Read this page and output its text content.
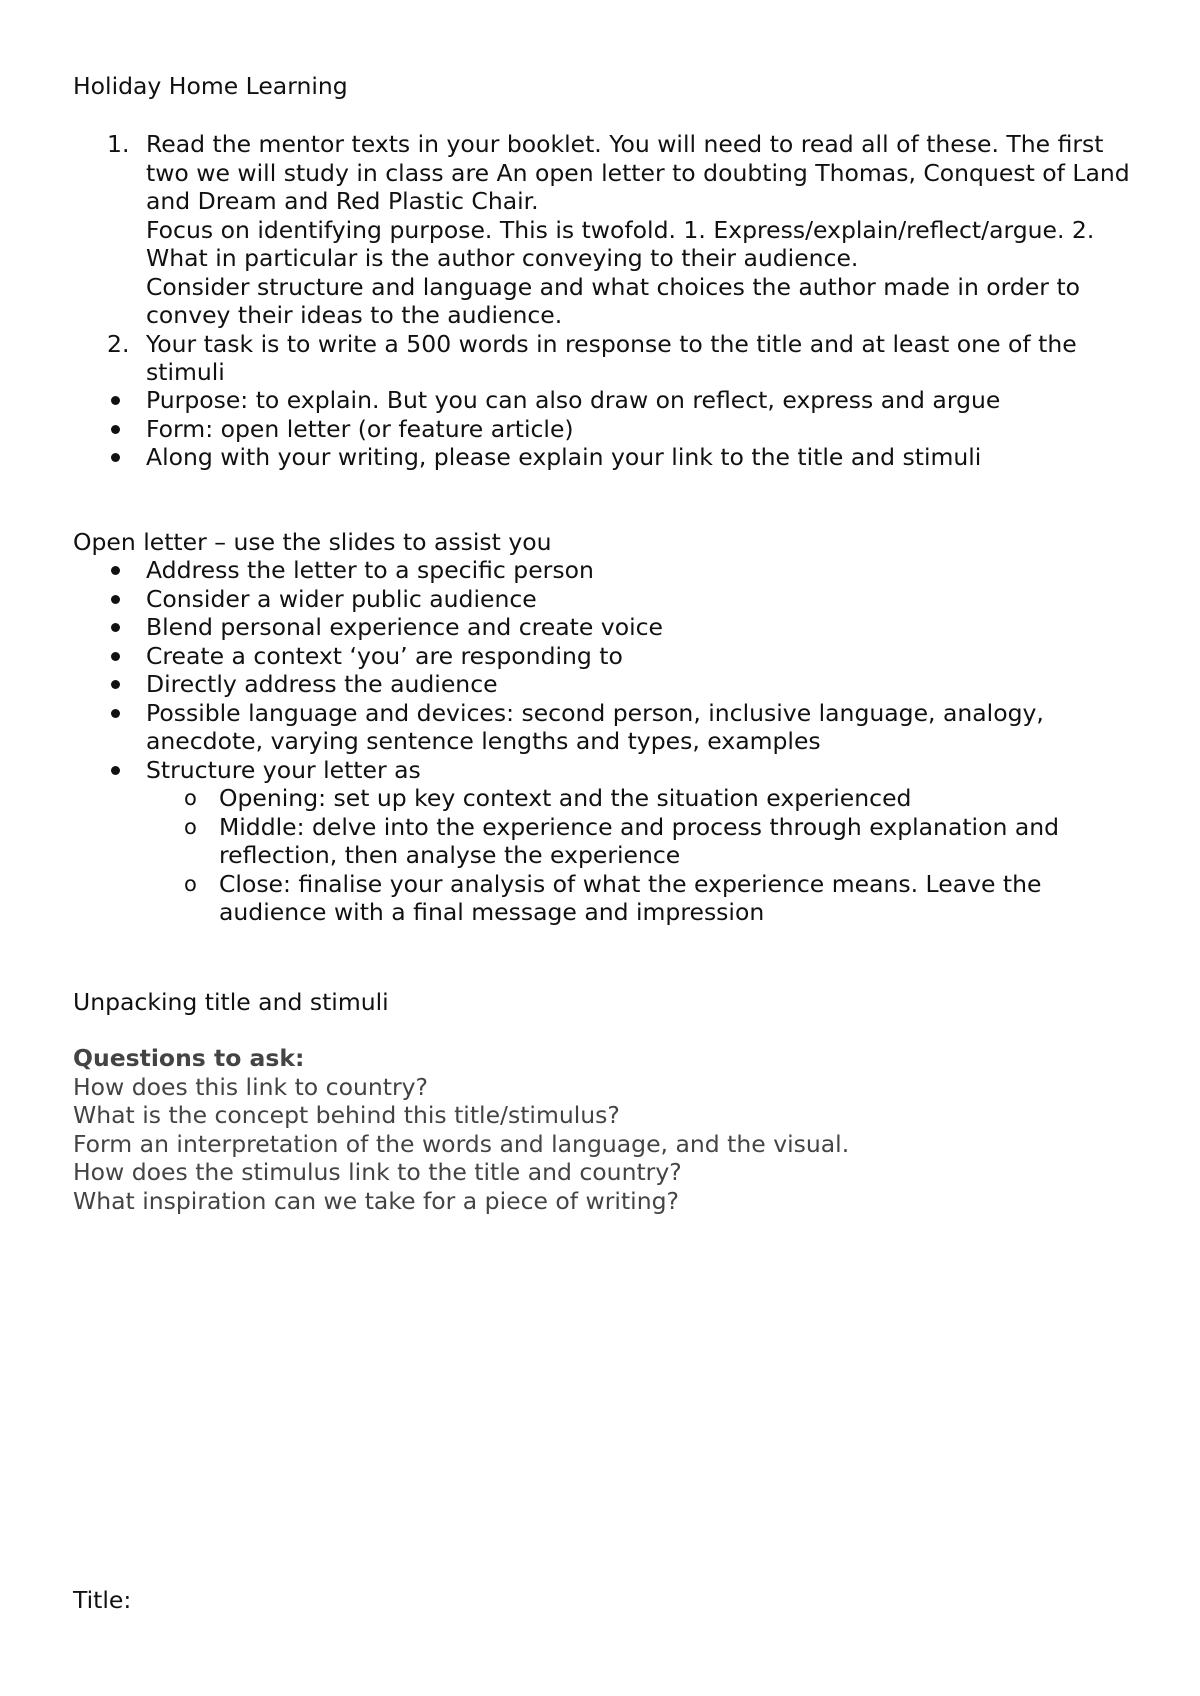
Holiday Home Learning

1. Read the mentor texts in your booklet. You will need to read all of these. The first two we will study in class are An open letter to doubting Thomas, Conquest of Land and Dream and Red Plastic Chair.

Focus on identifying purpose. This is twofold. 1. Express/explain/reflect/argue. 2. What in particular is the author conveying to their audience.

Consider structure and language and what choices the author made in order to convey their ideas to the audience.

2. Your task is to write a 500 words in response to the title and at least one of the stimuli

Purpose: to explain. But you can also draw on reflect, express and argue
Form: open letter (or feature article)
Along with your writing, please explain your link to the title and stimuli

Open letter – use the slides to assist you

Address the letter to a specific person
Consider a wider public audience
Blend personal experience and create voice
Create a context ‘you’ are responding to
Directly address the audience
Possible language and devices: second person, inclusive language, analogy, anecdote, varying sentence lengths and types, examples
Structure your letter as
o Opening: set up key context and the situation experienced
o Middle: delve into the experience and process through explanation and reflection, then analyse the experience
o Close: finalise your analysis of what the experience means. Leave the audience with a final message and impression

Unpacking title and stimuli

Questions to ask:

How does this link to country?

What is the concept behind this title/stimulus?

Form an interpretation of the words and language, and the visual.

How does the stimulus link to the title and country?

What inspiration can we take for a piece of writing?

Title:
